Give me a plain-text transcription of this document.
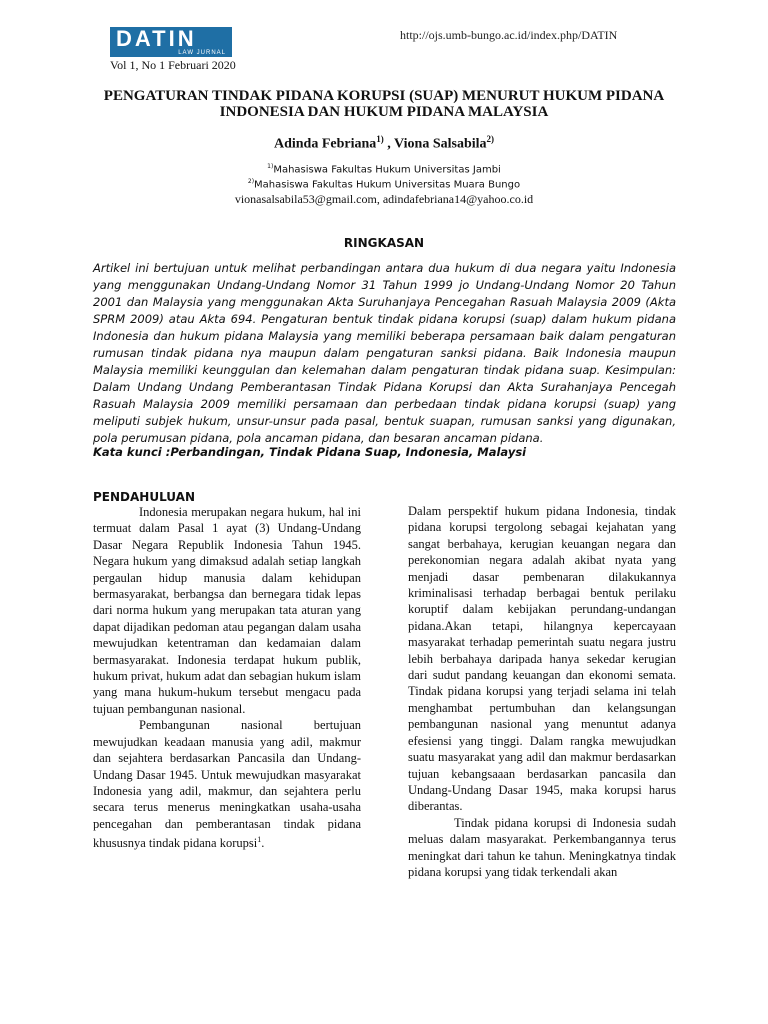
DATIN
LAW JURNAL
Vol 1, No 1 Februari 2020
http://ojs.umb-bungo.ac.id/index.php/DATIN
PENGATURAN TINDAK PIDANA KORUPSI (SUAP) MENURUT HUKUM PIDANA
INDONESIA DAN HUKUM PIDANA MALAYSIA
Adinda Febriana$^{1)}$ , Viona Salsabila$^{2)}$
$^{1)}$Mahasiswa Fakultas Hukum Universitas Jambi
$^{2)}$Mahasiswa Fakultas Hukum Universitas Muara Bungo
vionasalsabila53@gmail.com, adindafebriana14@yahoo.co.id
RINGKASAN

Artikel ini bertujuan untuk melihat perbandingan antara dua hukum di dua negara yaitu Indonesia yang menggunakan Undang-Undang Nomor 31 Tahun 1999 jo Undang-Undang Nomor 20 Tahun 2001 dan Malaysia yang menggunakan Akta Suruhanjaya Pencegahan Rasuah Malaysia 2009 (Akta SPRM 2009) atau Akta 694. Pengaturan bentuk tindak pidana korupsi (suap) dalam hukum pidana Indonesia dan hukum pidana Malaysia yang memiliki beberapa persamaan baik dalam pengaturan rumusan tindak pidana nya maupun dalam pengaturan sanksi pidana. Baik Indonesia maupun Malaysia memiliki keunggulan dan kelemahan dalam pengaturan tindak pidana suap. Kesimpulan: Dalam Undang Undang Pemberantasan Tindak Pidana Korupsi dan Akta Surahanjaya Pencegah Rasuah Malaysia 2009 memiliki persamaan dan perbedaan tindak pidana korupsi (suap) yang meliputi subjek hukum, unsur-unsur pada pasal, bentuk suapan, rumusan sanksi yang digunakan, pola perumusan pidana, pola ancaman pidana, dan besaran ancaman pidana.

Kata kunci :Perbandingan, Tindak Pidana Suap, Indonesia, Malaysi

PENDAHULUAN

Indonesia merupakan negara hukum, hal ini termuat dalam Pasal 1 ayat (3) Undang-Undang Dasar Negara Republik Indonesia Tahun 1945. Negara hukum yang dimaksud adalah setiap langkah pergaulan hidup manusia dalam kehidupan bermasyarakat, berbangsa dan bernegara tidak lepas dari norma hukum yang merupakan tata aturan yang dapat dijadikan pedoman atau pegangan dalam usaha mewujudkan ketentraman dan kedamaian dalam bermasyarakat. Indonesia terdapat hukum publik, hukum privat, hukum adat dan sebagian hukum islam yang mana hukum-hukum tersebut mengacu pada tujuan pembangunan nasional.

Pembangunan nasional bertujuan mewujudkan keadaan manusia yang adil, makmur dan sejahtera berdasarkan Pancasila dan Undang-Undang Dasar 1945. Untuk mewujudkan masyarakat Indonesia yang adil, makmur, dan sejahtera perlu secara terus menerus meningkatkan usaha-usaha pencegahan dan pemberantasan tindak pidana khususnya tindak pidana korupsi$^1$.

Dalam perspektif hukum pidana Indonesia, tindak pidana korupsi tergolong sebagai kejahatan yang sangat berbahaya, kerugian keuangan negara dan perekonomian negara adalah akibat nyata yang menjadi dasar pembenaran dilakukannya kriminalisasi terhadap berbagai bentuk perilaku koruptif dalam kebijakan perundang-undangan pidana.Akan tetapi, hilangnya kepercayaan masyarakat terhadap pemerintah suatu negara justru lebih berbahaya daripada hanya sekedar kerugian dari sudut pandang keuangan dan ekonomi semata. Tindak pidana korupsi yang terjadi selama ini telah menghambat pertumbuhan dan kelangsungan pembangunan nasional yang menuntut adanya efesiensi yang tinggi. Dalam rangka mewujudkan suatu masyarakat yang adil dan makmur berdasarkan tujuan kebangsaaan berdasarkan pancasila dan Undang-Undang Dasar 1945, maka korupsi harus diberantas.

Tindak pidana korupsi di Indonesia sudah meluas dalam masyarakat. Perkembangannya terus meningkat dari tahun ke tahun. Meningkatnya tindak pidana korupsi yang tidak terkendali akan
